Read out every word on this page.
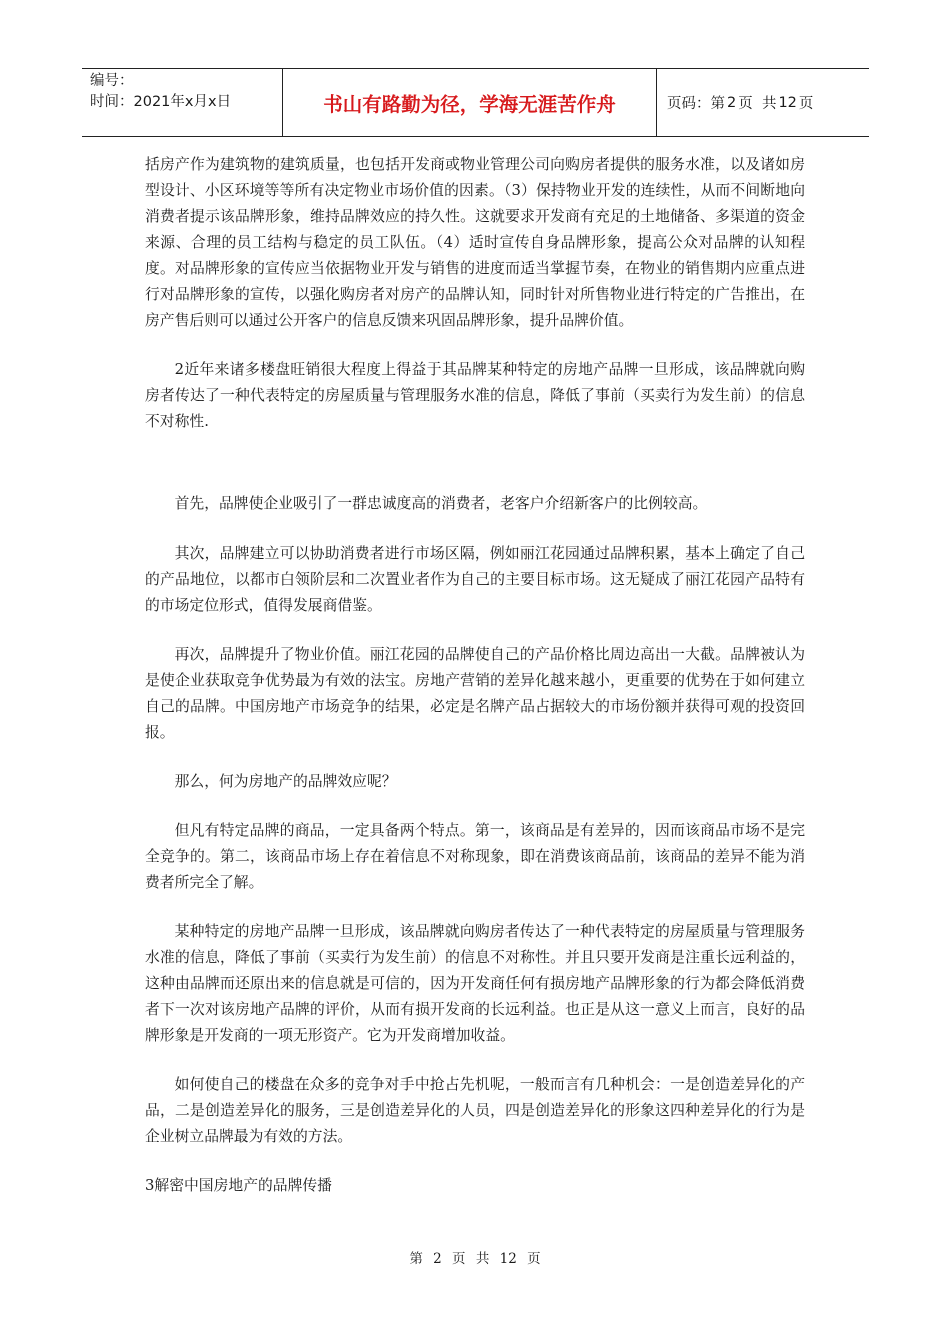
编号：
时间：2021年x月x日	书山有路勤为径，学海无涯苦作舟	页码：第 2 页  共 12 页

括房产作为建筑物的建筑质量，也包括开发商或物业管理公司向购房者提供的服务水准，以及诸如房型设计、小区环境等等所有决定物业市场价值的因素。（3）保持物业开发的连续性，从而不间断地向消费者提示该品牌形象，维持品牌效应的持久性。这就要求开发商有充足的土地储备、多渠道的资金来源、合理的员工结构与稳定的员工队伍。（4）适时宣传自身品牌形象，提高公众对品牌的认知程度。对品牌形象的宣传应当依据物业开发与销售的进度而适当掌握节奏，在物业的销售期内应重点进行对品牌形象的宣传，以强化购房者对房产的品牌认知，同时针对所售物业进行特定的广告推出，在房产售后则可以通过公开客户的信息反馈来巩固品牌形象，提升品牌价值。

2近年来诸多楼盘旺销很大程度上得益于其品牌某种特定的房地产品牌一旦形成，该品牌就向购房者传达了一种代表特定的房屋质量与管理服务水准的信息，降低了事前（买卖行为发生前）的信息不对称性.

首先，品牌使企业吸引了一群忠诚度高的消费者，老客户介绍新客户的比例较高。

其次，品牌建立可以协助消费者进行市场区隔，例如丽江花园通过品牌积累，基本上确定了自己的产品地位，以都市白领阶层和二次置业者作为自己的主要目标市场。这无疑成了丽江花园产品特有的市场定位形式，值得发展商借鉴。

再次，品牌提升了物业价值。丽江花园的品牌使自己的产品价格比周边高出一大截。品牌被认为是使企业获取竞争优势最为有效的法宝。房地产营销的差异化越来越小，更重要的优势在于如何建立自己的品牌。中国房地产市场竞争的结果，必定是名牌产品占据较大的市场份额并获得可观的投资回报。

那么，何为房地产的品牌效应呢？

但凡有特定品牌的商品，一定具备两个特点。第一，该商品是有差异的，因而该商品市场不是完全竞争的。第二，该商品市场上存在着信息不对称现象，即在消费该商品前，该商品的差异不能为消费者所完全了解。

某种特定的房地产品牌一旦形成，该品牌就向购房者传达了一种代表特定的房屋质量与管理服务水准的信息，降低了事前（买卖行为发生前）的信息不对称性。并且只要开发商是注重长远利益的，这种由品牌而还原出来的信息就是可信的，因为开发商任何有损房地产品牌形象的行为都会降低消费者下一次对该房地产品牌的评价，从而有损开发商的长远利益。也正是从这一意义上而言，良好的品牌形象是开发商的一项无形资产。它为开发商增加收益。

如何使自己的楼盘在众多的竞争对手中抢占先机呢，一般而言有几种机会：一是创造差异化的产品，二是创造差异化的服务，三是创造差异化的人员，四是创造差异化的形象这四种差异化的行为是企业树立品牌最为有效的方法。

3解密中国房地产的品牌传播

第 2 页 共 12 页
